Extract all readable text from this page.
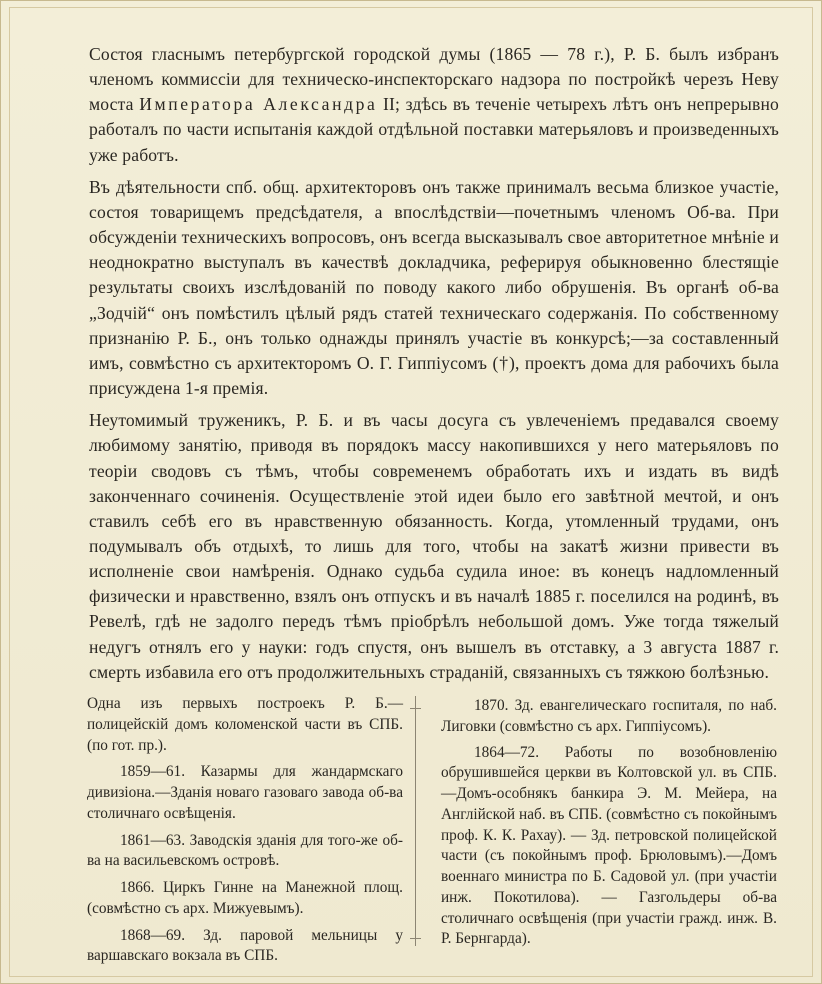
Состоя гласнымъ петербургской городской думы (1865 — 78 г.), Р. Б. былъ избранъ членомъ коммиссіи для техническо-инспекторскаго надзора по постройкѣ черезъ Неву моста Императора Александра II; здѣсь въ теченіе четырехъ лѣтъ онъ непрерывно работалъ по части испытанія каждой отдѣльной поставки матерьяловъ и произведенныхъ уже работъ.

Въ дѣятельности спб. общ. архитекторовъ онъ также принималъ весьма близкое участіе, состоя товарищемъ предсѣдателя, а впослѣдствіи—почетнымъ членомъ Об-ва. При обсужденіи техническихъ вопросовъ, онъ всегда высказывалъ свое авторитетное мнѣніе и неоднократно выступалъ въ качествѣ докладчика, реферируя обыкновенно блестящіе результаты своихъ изслѣдованій по поводу какого либо обрушенія. Въ органѣ об-ва „Зодчій“ онъ помѣстилъ цѣлый рядъ статей техническаго содержанія. По собственному признанію Р. Б., онъ только однажды принялъ участіе въ конкурсѣ;—за составленный имъ, совмѣстно съ архитекторомъ О. Г. Гиппіусомъ (†), проектъ дома для рабочихъ былa присуждена 1-я премія.

Неутомимый труженикъ, Р. Б. и въ часы досуга съ увлеченіемъ предавался своему любимому занятію, приводя въ порядокъ массу накопившихся у него матерьяловъ по теоріи сводовъ съ тѣмъ, чтобы современемъ обработать ихъ и издать въ видѣ законченнаго сочиненія. Осуществленіе этой идеи было его завѣтной мечтой, и онъ ставилъ себѣ его въ нравственную обязанность. Когда, утомленный трудами, онъ подумывалъ объ отдыхѣ, то лишь для того, чтобы на закатѣ жизни привести въ исполненіе свои намѣренія. Однако судьба судила иное: въ конецъ надломленный физически и нравственно, взялъ онъ отпускъ и въ началѣ 1885 г. поселился на родинѣ, въ Ревелѣ, гдѣ не задолго передъ тѣмъ пріобрѣлъ небольшой домъ. Уже тогда тяжелый недугъ отнялъ его у науки: годъ спустя, онъ вышелъ въ отставку, а 3 августа 1887 г. смерть избавила его отъ продолжительныхъ страданій, связанныхъ съ тяжкою болѣзнью.

Одна изъ первыхъ построекъ Р. Б.—полицейскій домъ коломенской части въ СПБ. (по гот. пр.).

1859—61. Казармы для жандармскаго дивизіона.—Зданія новаго газоваго завода об-ва столичнаго освѣщенія.

1861—63. Заводскія зданія для того-же об-ва на васильевскомъ островѣ.

1866. Циркъ Гинне на Манежной площ. (совмѣстно съ арх. Мижуевымъ).

1868—69. Зд. паровой мельницы у варшавскаго вокзала въ СПБ.

1870. Зд. евангелическаго госпиталя, по наб. Лиговки (совмѣстно съ арх. Гиппіусомъ).

1864—72. Работы по возобновленію обрушившейся церкви въ Колтовской ул. въ СПБ.—Домъ-особнякъ банкира Э. М. Мейера, на Англійской наб. въ СПБ. (совмѣстно съ покойнымъ проф. К. К. Рахау). — Зд. петровской полицейской части (съ покойнымъ проф. Брюловымъ).—Домъ военнаго министра по Б. Садовой ул. (при участіи инж. Покотилова). — Газгольдеры об-ва столичнаго освѣщенія (при участіи гражд. инж. В. Р. Бернгарда).
